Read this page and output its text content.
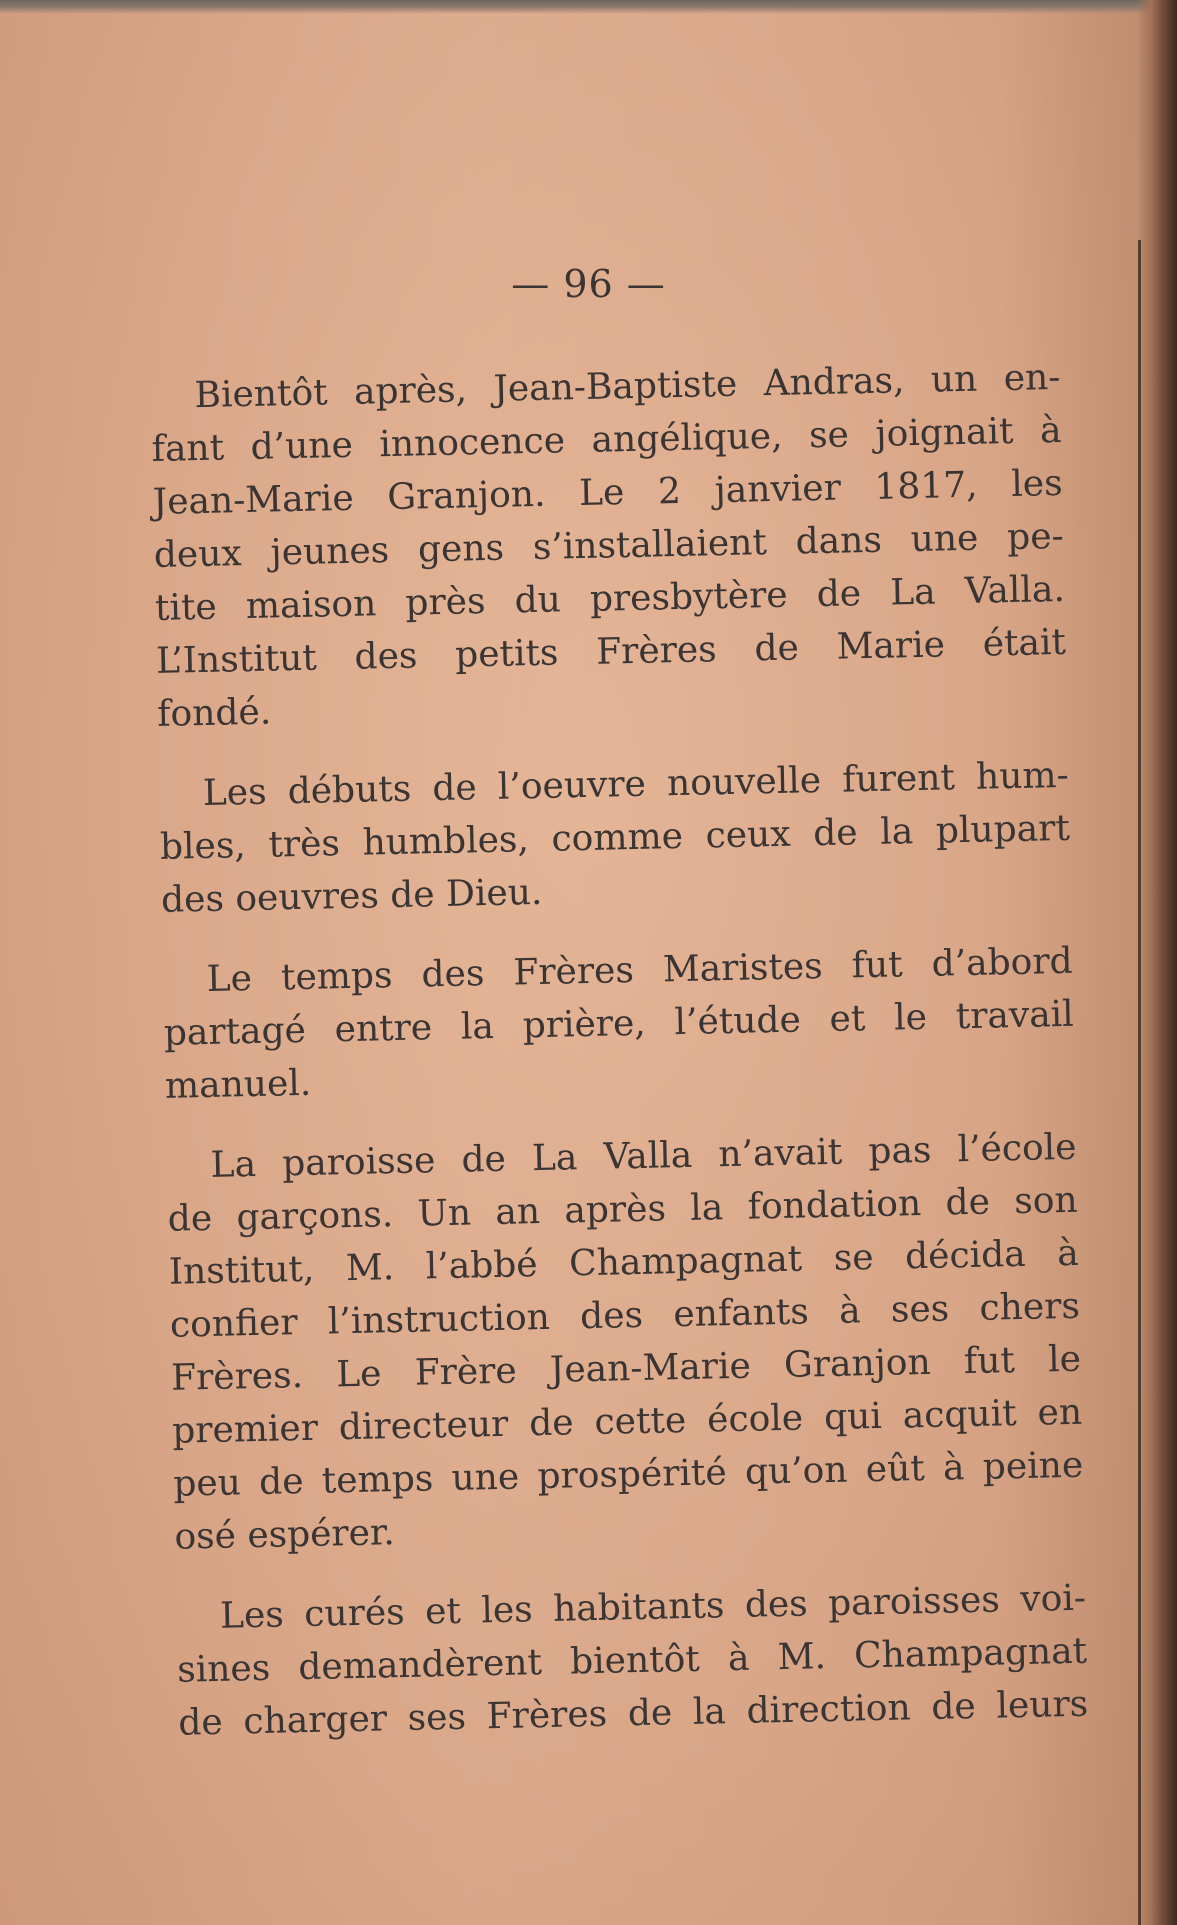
— 96 —
Bientôt après, Jean-Baptiste Andras, un en-
fant d’une innocence angélique, se joignait à
Jean-Marie Granjon. Le 2 janvier 1817, les
deux jeunes gens s’installaient dans une pe-
tite maison près du presbytère de La Valla.
L’Institut des petits Frères de Marie était
fondé.
Les débuts de l’oeuvre nouvelle furent hum-
bles, très humbles, comme ceux de la plupart
des oeuvres de Dieu.
Le temps des Frères Maristes fut d’abord
partagé entre la prière, l’étude et le travail
manuel.
La paroisse de La Valla n’avait pas l’école
de garçons. Un an après la fondation de son
Institut, M. l’abbé Champagnat se décida à
confier l’instruction des enfants à ses chers
Frères. Le Frère Jean-Marie Granjon fut le
premier directeur de cette école qui acquit en
peu de temps une prospérité qu’on eût à peine
osé espérer.
Les curés et les habitants des paroisses voi-
sines demandèrent bientôt à M. Champagnat
de charger ses Frères de la direction de leurs
